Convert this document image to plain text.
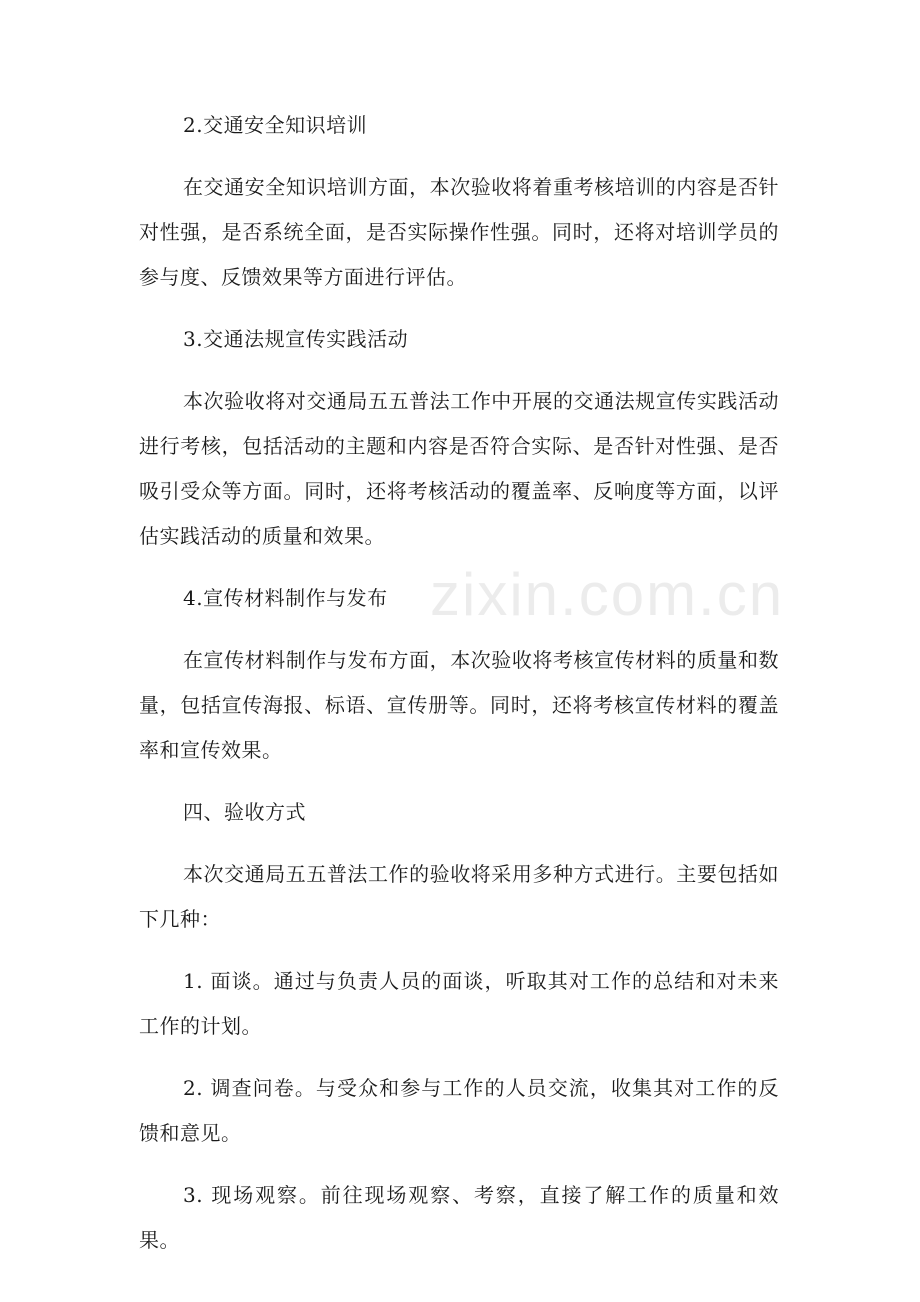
2.交通安全知识培训

在交通安全知识培训方面，本次验收将着重考核培训的内容是否针对性强，是否系统全面，是否实际操作性强。同时，还将对培训学员的参与度、反馈效果等方面进行评估。

3.交通法规宣传实践活动

本次验收将对交通局五五普法工作中开展的交通法规宣传实践活动进行考核，包括活动的主题和内容是否符合实际、是否针对性强、是否吸引受众等方面。同时，还将考核活动的覆盖率、反响度等方面，以评估实践活动的质量和效果。

4.宣传材料制作与发布

在宣传材料制作与发布方面，本次验收将考核宣传材料的质量和数量，包括宣传海报、标语、宣传册等。同时，还将考核宣传材料的覆盖率和宣传效果。

四、验收方式

本次交通局五五普法工作的验收将采用多种方式进行。主要包括如下几种：

1. 面谈。通过与负责人员的面谈，听取其对工作的总结和对未来工作的计划。

2. 调查问卷。与受众和参与工作的人员交流，收集其对工作的反馈和意见。

3. 现场观察。前往现场观察、考察，直接了解工作的质量和效果。

zixin.com.cn
